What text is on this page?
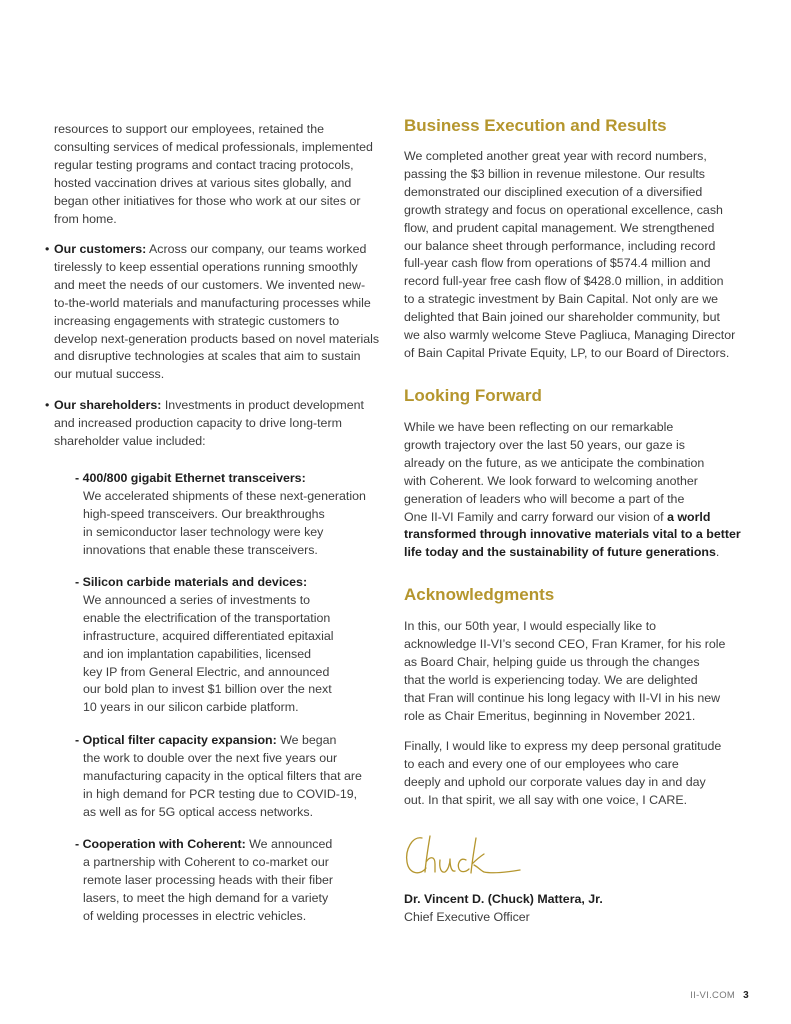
resources to support our employees, retained the
consulting services of medical professionals, implemented
regular testing programs and contact tracing protocols,
hosted vaccination drives at various sites globally, and
began other initiatives for those who work at our sites or
from home.
• Our customers: Across our company, our teams worked
tirelessly to keep essential operations running smoothly
and meet the needs of our customers. We invented new-
to-the-world materials and manufacturing processes while
increasing engagements with strategic customers to
develop next-generation products based on novel materials
and disruptive technologies at scales that aim to sustain
our mutual success.
• Our shareholders: Investments in product development
and increased production capacity to drive long-term
shareholder value included:
- 400/800 gigabit Ethernet transceivers:
We accelerated shipments of these next-generation
high-speed transceivers. Our breakthroughs
in semiconductor laser technology were key
innovations that enable these transceivers.
- Silicon carbide materials and devices:
We announced a series of investments to
enable the electrification of the transportation
infrastructure, acquired differentiated epitaxial
and ion implantation capabilities, licensed
key IP from General Electric, and announced
our bold plan to invest $1 billion over the next
10 years in our silicon carbide platform.
- Optical filter capacity expansion: We began
the work to double over the next five years our
manufacturing capacity in the optical filters that are
in high demand for PCR testing due to COVID-19,
as well as for 5G optical access networks.
- Cooperation with Coherent: We announced
a partnership with Coherent to co-market our
remote laser processing heads with their fiber
lasers, to meet the high demand for a variety
of welding processes in electric vehicles.
Business Execution and Results
We completed another great year with record numbers,
passing the $3 billion in revenue milestone. Our results
demonstrated our disciplined execution of a diversified
growth strategy and focus on operational excellence, cash
flow, and prudent capital management. We strengthened
our balance sheet through performance, including record
full-year cash flow from operations of $574.4 million and
record full-year free cash flow of $428.0 million, in addition
to a strategic investment by Bain Capital. Not only are we
delighted that Bain joined our shareholder community, but
we also warmly welcome Steve Pagliuca, Managing Director
of Bain Capital Private Equity, LP, to our Board of Directors.
Looking Forward
While we have been reflecting on our remarkable
growth trajectory over the last 50 years, our gaze is
already on the future, as we anticipate the combination
with Coherent. We look forward to welcoming another
generation of leaders who will become a part of the
One II-VI Family and carry forward our vision of a world
transformed through innovative materials vital to a better
life today and the sustainability of future generations.
Acknowledgments
In this, our 50th year, I would especially like to
acknowledge II-VI’s second CEO, Fran Kramer, for his role
as Board Chair, helping guide us through the changes
that the world is experiencing today. We are delighted
that Fran will continue his long legacy with II-VI in his new
role as Chair Emeritus, beginning in November 2021.
Finally, I would like to express my deep personal gratitude
to each and every one of our employees who care
deeply and uphold our corporate values day in and day
out. In that spirit, we all say with one voice, I CARE.
Dr. Vincent D. (Chuck) Mattera, Jr.
Chief Executive Officer
II-VI.COM 3
